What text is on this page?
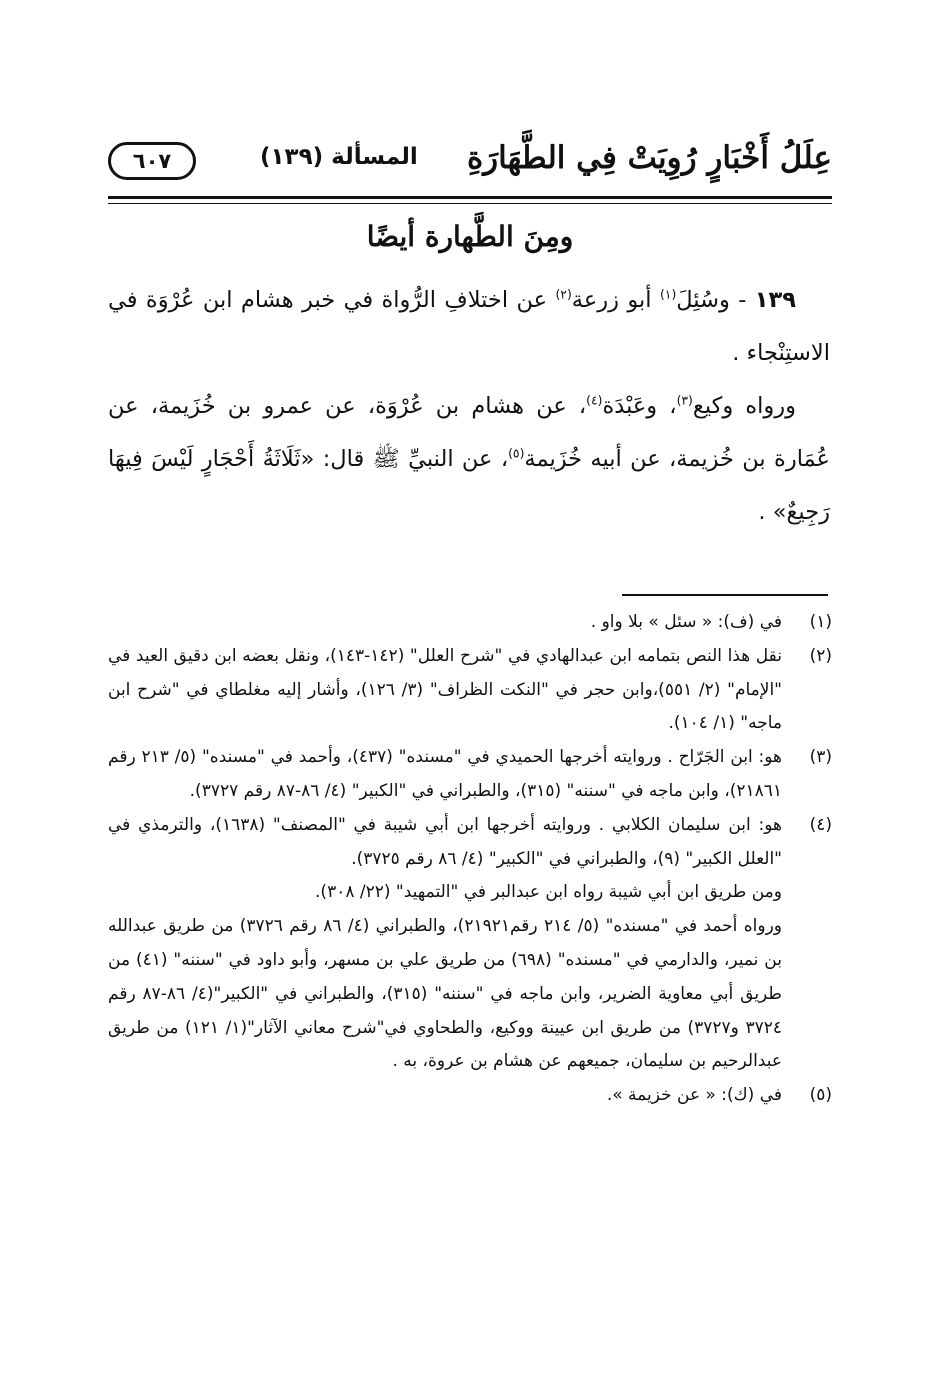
عِلَلُ أَخْبَارٍ رُوِيَتْ فِي الطَّهَارَةِ
المسألة (١٣٩)
٦٠٧
ومِنَ الطَّهارة أيضًا

١٣٩ - وسُئِلَ$^{(١)}$ أبو زرعة$^{(٢)}$ عن اختلافِ الرُّواة في خبر هشام ابن عُرْوَة في الاستِنْجاء .

ورواه وكيع$^{(٣)}$، وعَبْدَة$^{(٤)}$، عن هشام بن عُرْوَة، عن عمرو بن خُزَيمة، عن عُمَارة بن خُزيمة، عن أبيه خُزَيمة$^{(٥)}$، عن النبيِّ ﷺ قال: «ثَلَاثَةُ أَحْجَارٍ لَيْسَ فِيهَا رَجِيعٌ» .

(١)
في (ف): « سئل » بلا واو .
(٢)
نقل هذا النص بتمامه ابن عبدالهادي في "شرح العلل" (١٤٢-١٤٣)، ونقل بعضه ابن دقيق العيد في "الإمام" (٢/ ٥٥١)،وابن حجر في "النكت الظراف" (٣/ ١٢٦)، وأشار إليه مغلطاي في "شرح ابن ماجه" (١/ ١٠٤).
(٣)
هو: ابن الجَرّاح . وروايته أخرجها الحميدي في "مسنده" (٤٣٧)، وأحمد في "مسنده" (٥/ ٢١٣ رقم ٢١٨٦١)، وابن ماجه في "سننه" (٣١٥)، والطبراني في "الكبير" (٤/ ٨٦-٨٧ رقم ٣٧٢٧).
(٤)
هو: ابن سليمان الكلابي . وروايته أخرجها ابن أبي شيبة في "المصنف" (١٦٣٨)، والترمذي في "العلل الكبير" (٩)، والطبراني في "الكبير" (٤/ ٨٦ رقم ٣٧٢٥).
ومن طريق ابن أبي شيبة رواه ابن عبدالبر في "التمهيد" (٢٢/ ٣٠٨).
ورواه أحمد في "مسنده" (٥/ ٢١٤ رقم٢١٩٢١)، والطبراني (٤/ ٨٦ رقم ٣٧٢٦) من طريق عبدالله بن نمير، والدارمي في "مسنده" (٦٩٨) من طريق علي بن مسهر، وأبو داود في "سننه" (٤١) من طريق أبي معاوية الضرير، وابن ماجه في "سننه" (٣١٥)، والطبراني في "الكبير"(٤/ ٨٦-٨٧ رقم ٣٧٢٤ و٣٧٢٧) من طريق ابن عيينة ووكيع، والطحاوي في"شرح معاني الآثار"(١/ ١٢١) من طريق عبدالرحيم بن سليمان، جميعهم عن هشام بن عروة، به .
(٥)
في (ك): « عن خزيمة ».
